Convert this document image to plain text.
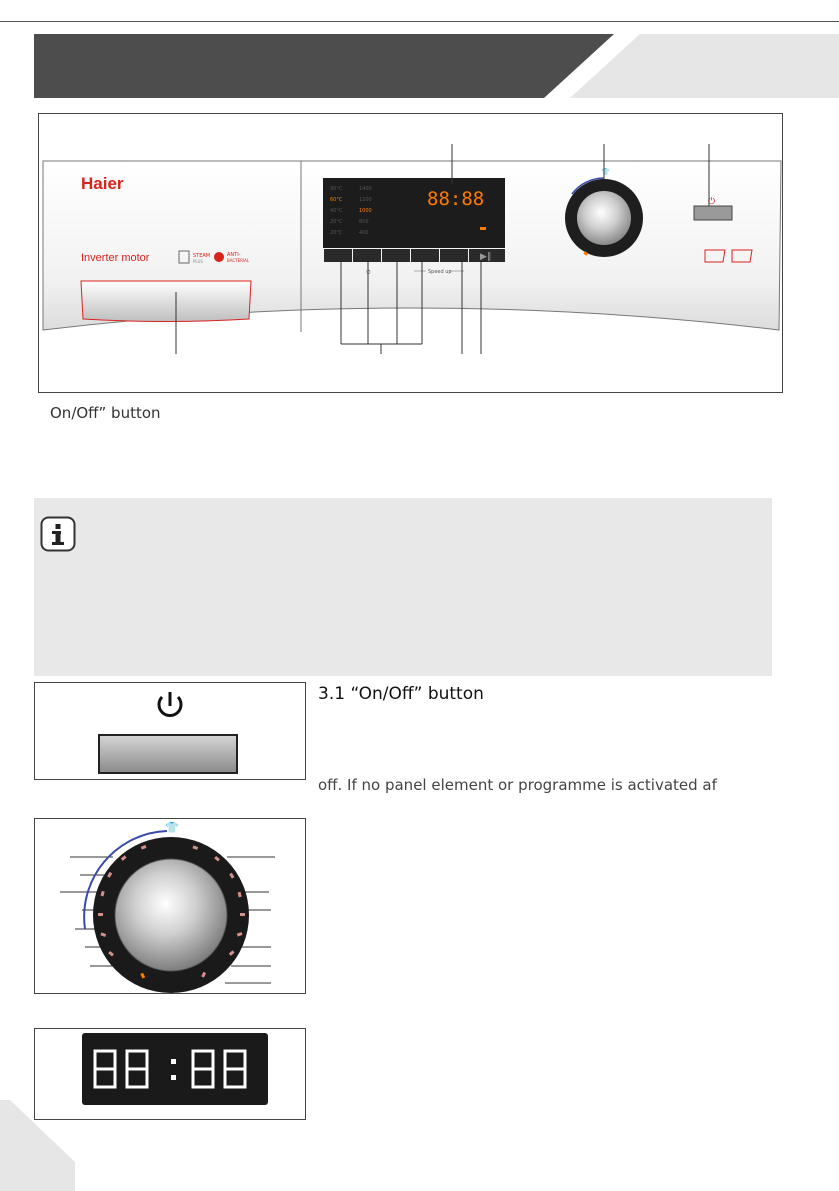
Haier
Inverter motor	STEAM
PLUS
ANTI-
BACTERIAL
90°C
60°C
40°C
20°C
20°C
1400
1200
1000
800
400
88:88
▶‖
Speed up
⏱
👕
⏻
On/Off” button
👕
3.1 “On/Off” button
off. If no panel element or programme is activated af
